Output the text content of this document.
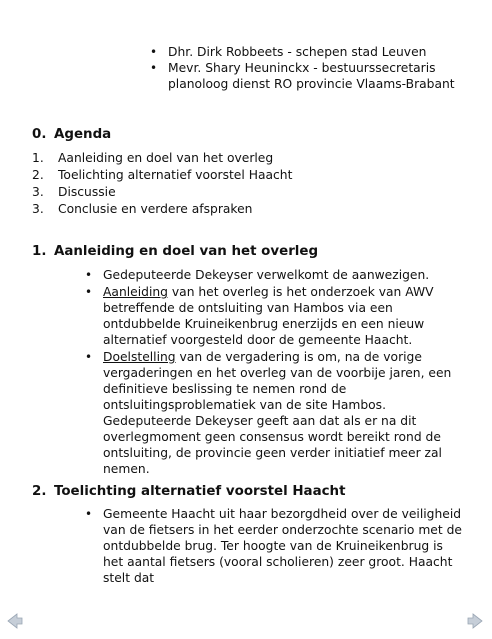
• Dhr. Dirk Robbeets - schepen stad Leuven
• Mevr. Shary Heuninckx - bestuurssecretaris planoloog dienst RO provincie Vlaams-Brabant
0. Agenda
1.	Aanleiding en doel van het overleg
2.	Toelichting alternatief voorstel Haacht
3.	Discussie
3.	Conclusie en verdere afspraken
1. Aanleiding en doel van het overleg
• Gedeputeerde Dekeyser verwelkomt de aanwezigen.
• Aanleiding van het overleg is het onderzoek van AWV betreffende de ontsluiting van Hambos via een ontdubbelde Kruineikenbrug enerzijds en een nieuw alternatief voorgesteld door de gemeente Haacht.
• Doelstelling van de vergadering is om, na de vorige vergaderingen en het overleg van de voorbije jaren, een definitieve beslissing te nemen rond de ontsluitingsproblematiek van de site Hambos. Gedeputeerde Dekeyser geeft aan dat als er na dit overlegmoment geen consensus wordt bereikt rond de ontsluiting, de provincie geen verder initiatief meer zal nemen.
2. Toelichting alternatief voorstel Haacht
• Gemeente Haacht uit haar bezorgdheid over de veiligheid van de fietsers in het eerder onderzochte scenario met de ontdubbelde brug. Ter hoogte van de Kruineikenbrug is het aantal fietsers (vooral scholieren) zeer groot. Haacht stelt dat
